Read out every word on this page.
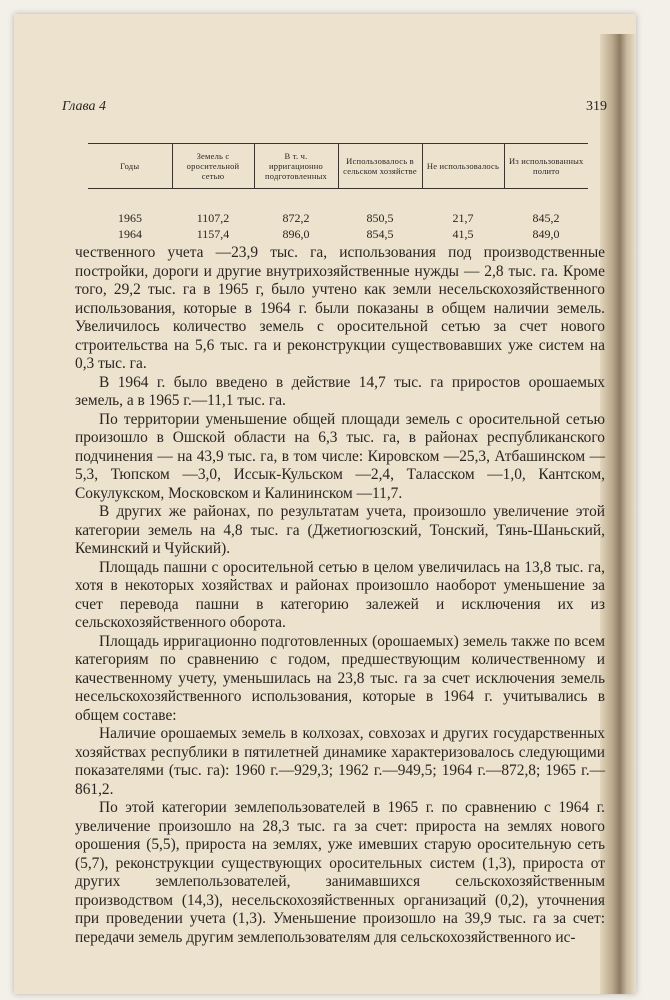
Глава 4	319
Годы	Земель с оросительной сетью	В т. ч. ирригационно подготовленных	Использовалось в сельском хозяйстве	Не использовалось	Из использованных полито
1965	1107,2	872,2	850,5	21,7	845,2
1964	1157,4	896,0	854,5	41,5	849,0

чественного учета —23,9 тыс. га, использования под производственные постройки, дороги и другие внутрихозяйственные нужды — 2,8 тыс. га. Кроме того, 29,2 тыс. га в 1965 г, было учтено как земли несельскохозяйственного использования, которые в 1964 г. были показаны в общем наличии земель. Увеличилось количество земель с оросительной сетью за счет нового строительства на 5,6 тыс. га и реконструкции существовавших уже систем на 0,3 тыс. га.

В 1964 г. было введено в действие 14,7 тыс. га приростов орошаемых земель, а в 1965 г.—11,1 тыс. га.

По территории уменьшение общей площади земель с оросительной сетью произошло в Ошской области на 6,3 тыс. га, в районах республиканского подчинения — на 43,9 тыс. га, в том числе: Кировском —25,3, Атбашинском —5,3, Тюпском —3,0, Иссык-Кульском —2,4, Таласском —1,0, Кантском, Сокулукском, Московском и Калининском —11,7.

В других же районах, по результатам учета, произошло увеличение этой категории земель на 4,8 тыс. га (Джетиогюзский, Тонский, Тянь-Шаньский, Кеминский и Чуйский).

Площадь пашни с оросительной сетью в целом увеличилась на 13,8 тыс. га, хотя в некоторых хозяйствах и районах произошло наоборот уменьшение за счет перевода пашни в категорию залежей и исключения их из сельскохозяйственного оборота.

Площадь ирригационно подготовленных (орошаемых) земель также по всем категориям по сравнению с годом, предшествующим количественному и качественному учету, уменьшилась на 23,8 тыс. га за счет исключения земель несельскохозяйственного использования, которые в 1964 г. учитывались в общем составе:

Наличие орошаемых земель в колхозах, совхозах и других государственных хозяйствах республики в пятилетней динамике характеризовалось следующими показателями (тыс. га): 1960 г.—929,3; 1962 г.—949,5; 1964 г.—872,8; 1965 г.—861,2.

По этой категории землепользователей в 1965 г. по сравнению с 1964 г. увеличение произошло на 28,3 тыс. га за счет: прироста на землях нового орошения (5,5), прироста на землях, уже имевших старую оросительную сеть (5,7), реконструкции существующих оросительных систем (1,3), прироста от других землепользователей, занимавшихся сельскохозяйственным производством (14,3), несельскохозяйственных организаций (0,2), уточнения при проведении учета (1,3). Уменьшение произошло на 39,9 тыс. га за счет: передачи земель другим землепользователям для сельскохозяйственного ис-
